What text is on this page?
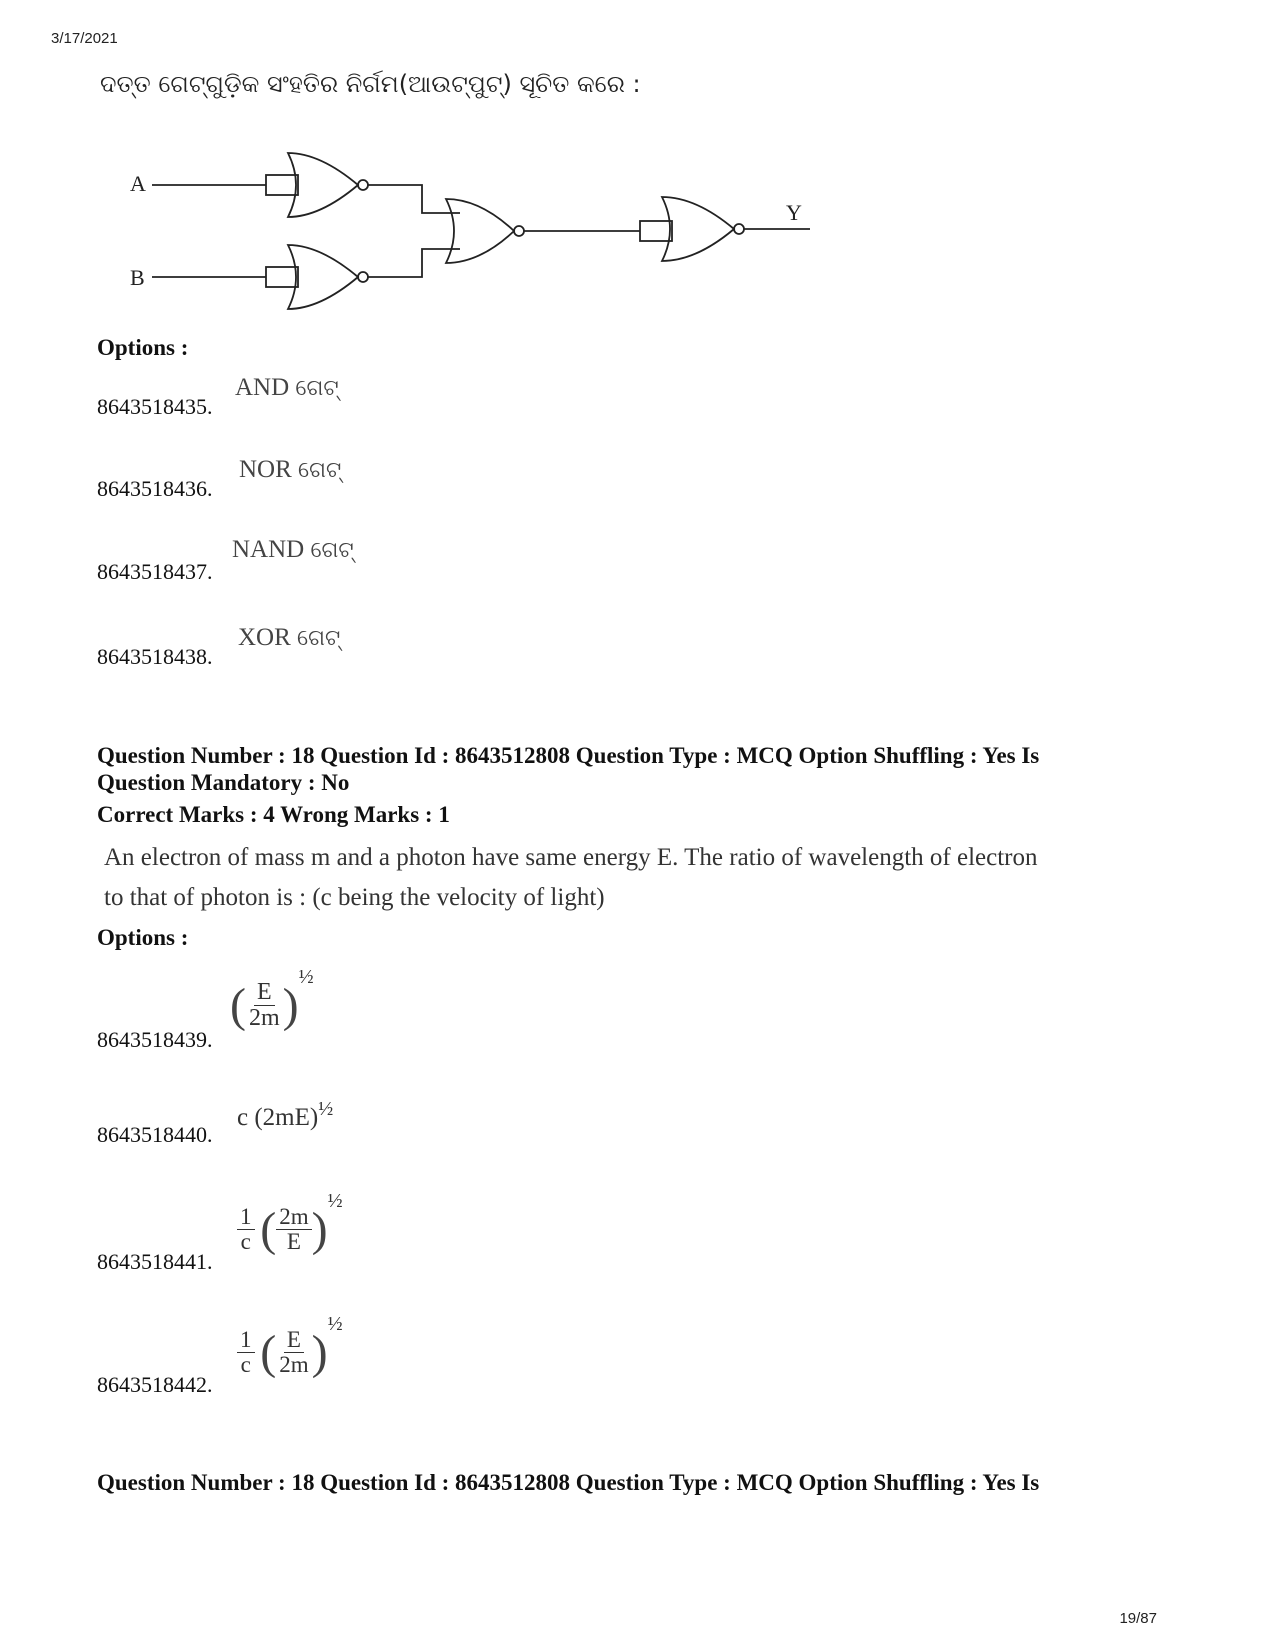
3/17/2021
19/87
ଦତ୍ତ ଗେଟ୍‌ଗୁଡ଼ିକ ସଂହତିର ନିର୍ଗମ(ଆଉଟ୍‌ପୁଟ୍) ସୂଚିତ କରେ :
A
B
Y
Options :
8643518435.
AND ଗେଟ୍
8643518436.
NOR ଗେଟ୍
8643518437.
NAND ଗେଟ୍
8643518438.
XOR ଗେଟ୍
Question Number : 18 Question Id : 8643512808 Question Type : MCQ Option Shuffling : Yes Is
Question Mandatory : No
Correct Marks : 4 Wrong Marks : 1
An electron of mass m and a photon have same energy E. The ratio of wavelength of electron
to that of photon is : (c being the velocity of light)
Options :
8643518439.
( $\frac{E}{2m} )^{\frac{1}{2}}$
8643518440.
c $(2mE)^{\frac{1}{2}}$
8643518441.
$\frac{1}{c}$ ( $\frac{2m}{E}$ )½
8643518442.
$\frac{1}{c}$ ( $\frac{E}{2m}$ )½
Question Number : 18 Question Id : 8643512808 Question Type : MCQ Option Shuffling : Yes Is
